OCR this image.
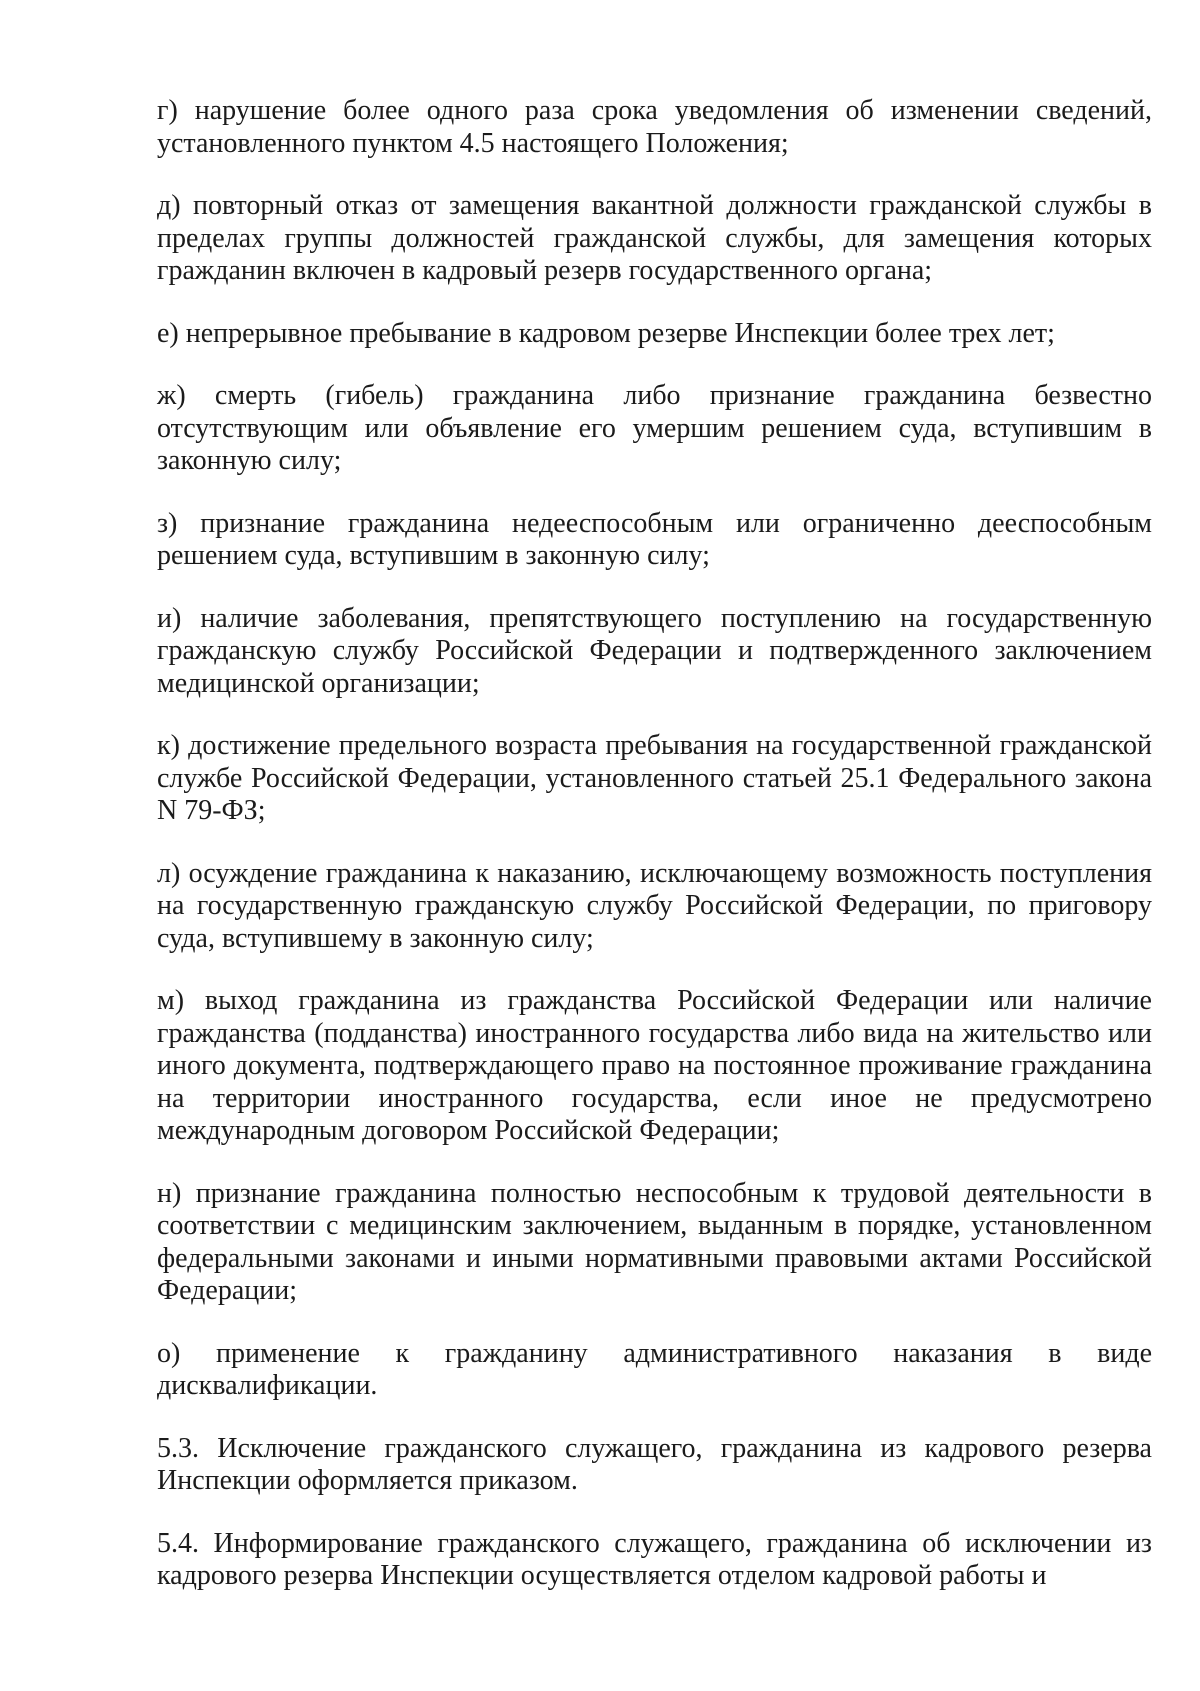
г) нарушение более одного раза срока уведомления об изменении сведений, установленного пунктом 4.5 настоящего Положения;

д) повторный отказ от замещения вакантной должности гражданской службы в пределах группы должностей гражданской службы, для замещения которых гражданин включен в кадровый резерв государственного органа;

е) непрерывное пребывание в кадровом резерве Инспекции более трех лет;

ж) смерть (гибель) гражданина либо признание гражданина безвестно отсутствующим или объявление его умершим решением суда, вступившим в законную силу;

з) признание гражданина недееспособным или ограниченно дееспособным решением суда, вступившим в законную силу;

и) наличие заболевания, препятствующего поступлению на государственную гражданскую службу Российской Федерации и подтвержденного заключением медицинской организации;

к) достижение предельного возраста пребывания на государственной гражданской службе Российской Федерации, установленного статьей 25.1 Федерального закона N 79-ФЗ;

л) осуждение гражданина к наказанию, исключающему возможность поступления на государственную гражданскую службу Российской Федерации, по приговору суда, вступившему в законную силу;

м) выход гражданина из гражданства Российской Федерации или наличие гражданства (подданства) иностранного государства либо вида на жительство или иного документа, подтверждающего право на постоянное проживание гражданина на территории иностранного государства, если иное не предусмотрено международным договором Российской Федерации;

н) признание гражданина полностью неспособным к трудовой деятельности в соответствии с медицинским заключением, выданным в порядке, установленном федеральными законами и иными нормативными правовыми актами Российской Федерации;

о) применение к гражданину административного наказания в виде дисквалификации.

5.3. Исключение гражданского служащего, гражданина из кадрового резерва Инспекции оформляется приказом.

5.4. Информирование гражданского служащего, гражданина об исключении из кадрового резерва Инспекции осуществляется отделом кадровой работы и
